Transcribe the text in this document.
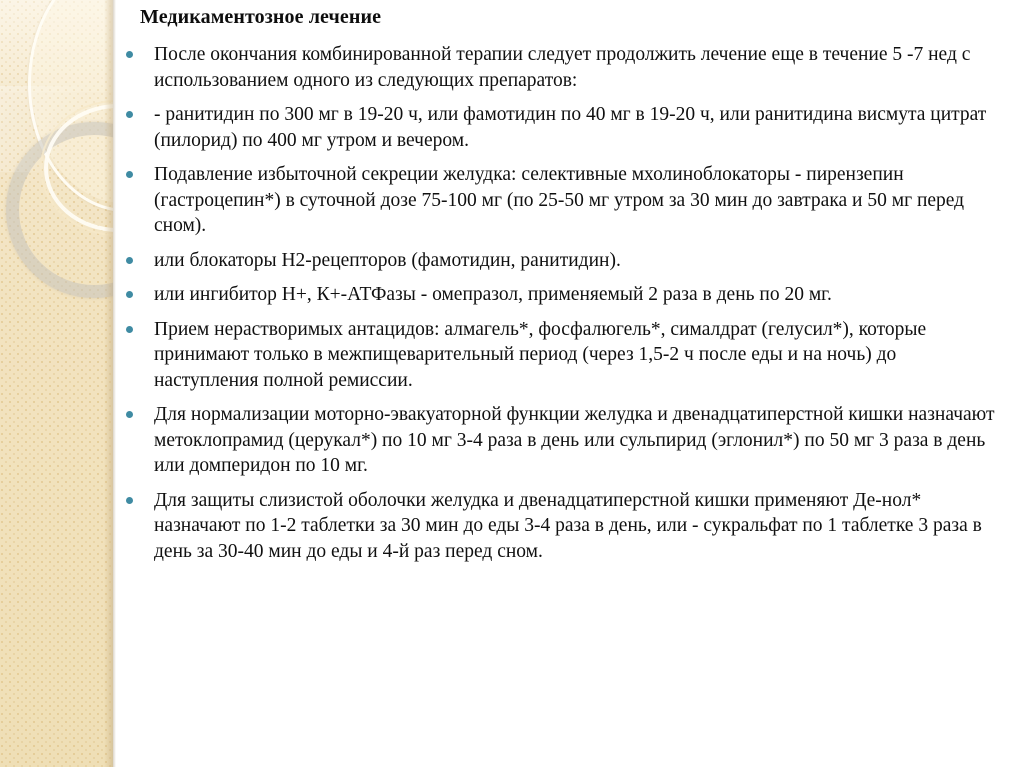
Медикаментозное лечение
После окончания комбинированной терапии следует продолжить лечение еще в течение 5 -7 нед с использованием одного из следующих препаратов:
- ранитидин по 300 мг в 19-20 ч, или фамотидин по 40 мг в 19-20 ч, или ранитидина висмута цитрат (пилорид) по 400 мг утром и вечером.
Подавление избыточной секреции желудка: селективные мхолиноблокаторы - пирензепин (гастроцепин*) в суточной дозе 75-100 мг (по 25-50 мг утром за 30 мин до завтрака и 50 мг перед сном).
или блокаторы Н2-рецепторов (фамотидин, ранитидин).
или ингибитор Н+, К+-АТФазы - омепразол, применяемый 2 раза в день по 20 мг.
Прием нерастворимых антацидов: алмагель*, фосфалюгель*, сималдрат (гелусил*), которые принимают только в межпищеварительный период (через 1,5-2 ч после еды и на ночь) до наступления полной ремиссии.
Для нормализации моторно-эвакуаторной функции желудка и двенадцатиперстной кишки назначают метоклопрамид (церукал*) по 10 мг 3-4 раза в день или сульпирид (эглонил*) по 50 мг 3 раза в день или домперидон по 10 мг.
Для защиты слизистой оболочки желудка и двенадцатиперстной кишки применяют Де-нол* назначают по 1-2 таблетки за 30 мин до еды 3-4 раза в день, или - сукральфат по 1 таблетке 3 раза в день за 30-40 мин до еды и 4-й раз перед сном.
